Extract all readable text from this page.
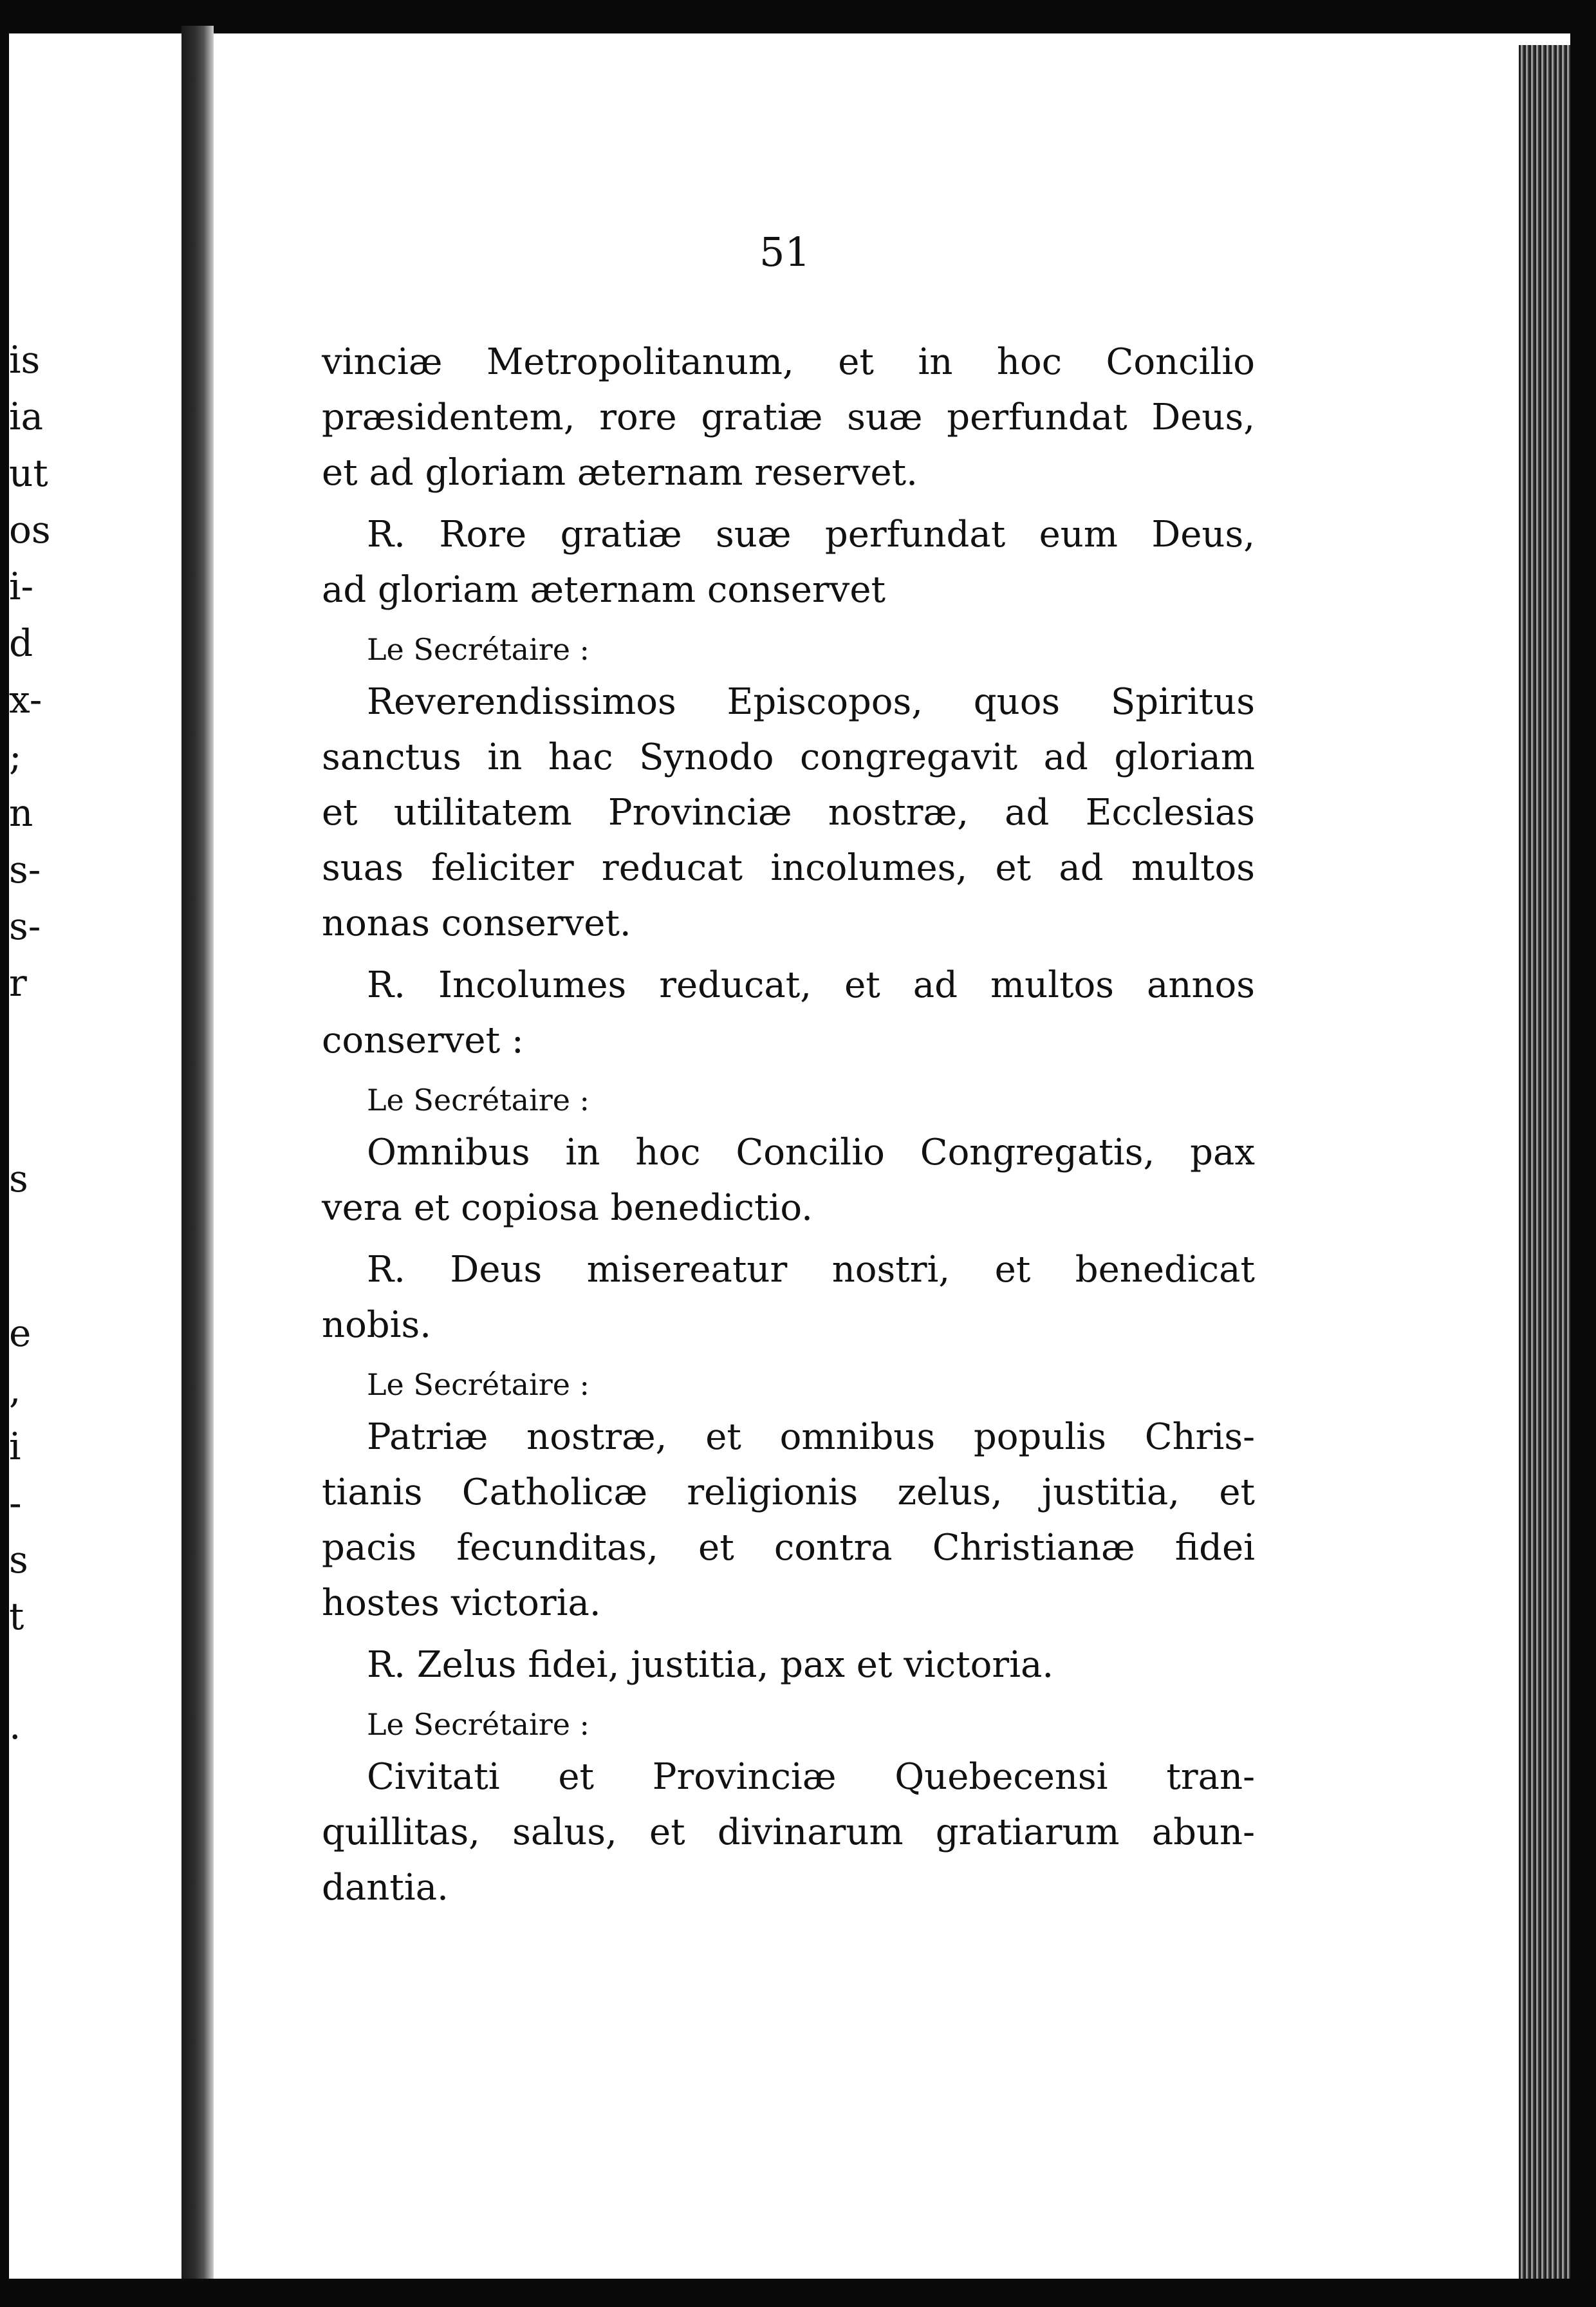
is
ia
ut
os
i-
d
x-
;
n
s-
s-
r
s
e
,
i
-
s
t
.
51
vinciæ Metropolitanum, et in hoc Concilio
præsidentem, rore gratiæ suæ perfundat Deus,
et ad gloriam æternam reservet.
R. Rore gratiæ suæ perfundat eum Deus,
ad gloriam æternam conservet
Le Secrétaire :
Reverendissimos Episcopos, quos Spiritus
sanctus in hac Synodo congregavit ad gloriam
et utilitatem Provinciæ nostræ, ad Ecclesias
suas feliciter reducat incolumes, et ad multos
nonas conservet.
R. Incolumes reducat, et ad multos annos
conservet :
Le Secrétaire :
Omnibus in hoc Concilio Congregatis, pax
vera et copiosa benedictio.
R. Deus misereatur nostri, et benedicat
nobis.
Le Secrétaire :
Patriæ nostræ, et omnibus populis Chris-
tianis Catholicæ religionis zelus, justitia, et
pacis fecunditas, et contra Christianæ fidei
hostes victoria.
R. Zelus fidei, justitia, pax et victoria.
Le Secrétaire :
Civitati et Provinciæ Quebecensi tran-
quillitas, salus, et divinarum gratiarum abun-
dantia.
